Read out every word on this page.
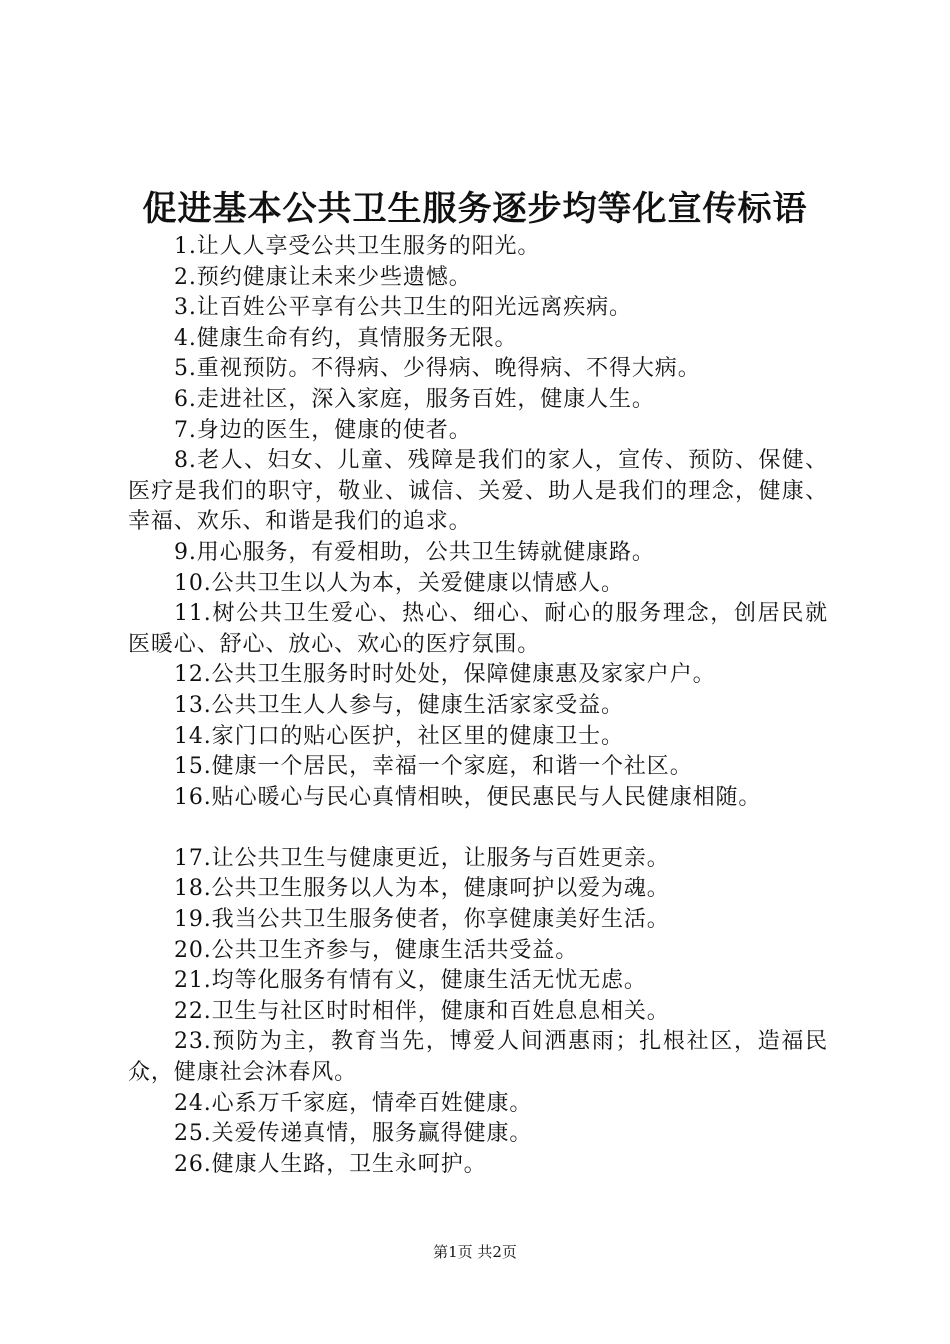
促进基本公共卫生服务逐步均等化宣传标语

1.让人人享受公共卫生服务的阳光。

2.预约健康让未来少些遗憾。

3.让百姓公平享有公共卫生的阳光远离疾病。

4.健康生命有约，真情服务无限。

5.重视预防。不得病、少得病、晚得病、不得大病。

6.走进社区，深入家庭，服务百姓，健康人生。

7.身边的医生，健康的使者。

8.老人、妇女、儿童、残障是我们的家人，宣传、预防、保健、医疗是我们的职守，敬业、诚信、关爱、助人是我们的理念，健康、幸福、欢乐、和谐是我们的追求。

9.用心服务，有爱相助，公共卫生铸就健康路。

10.公共卫生以人为本，关爱健康以情感人。

11.树公共卫生爱心、热心、细心、耐心的服务理念，创居民就医暖心、舒心、放心、欢心的医疗氛围。

12.公共卫生服务时时处处，保障健康惠及家家户户。

13.公共卫生人人参与，健康生活家家受益。

14.家门口的贴心医护，社区里的健康卫士。

15.健康一个居民，幸福一个家庭，和谐一个社区。

16.贴心暖心与民心真情相映，便民惠民与人民健康相随。

17.让公共卫生与健康更近，让服务与百姓更亲。

18.公共卫生服务以人为本，健康呵护以爱为魂。

19.我当公共卫生服务使者，你享健康美好生活。

20.公共卫生齐参与，健康生活共受益。

21.均等化服务有情有义，健康生活无忧无虑。

22.卫生与社区时时相伴，健康和百姓息息相关。

23.预防为主，教育当先，博爱人间洒惠雨；扎根社区，造福民众，健康社会沐春风。

24.心系万千家庭，情牵百姓健康。

25.关爱传递真情，服务赢得健康。

26.健康人生路，卫生永呵护。

第1页 共2页
